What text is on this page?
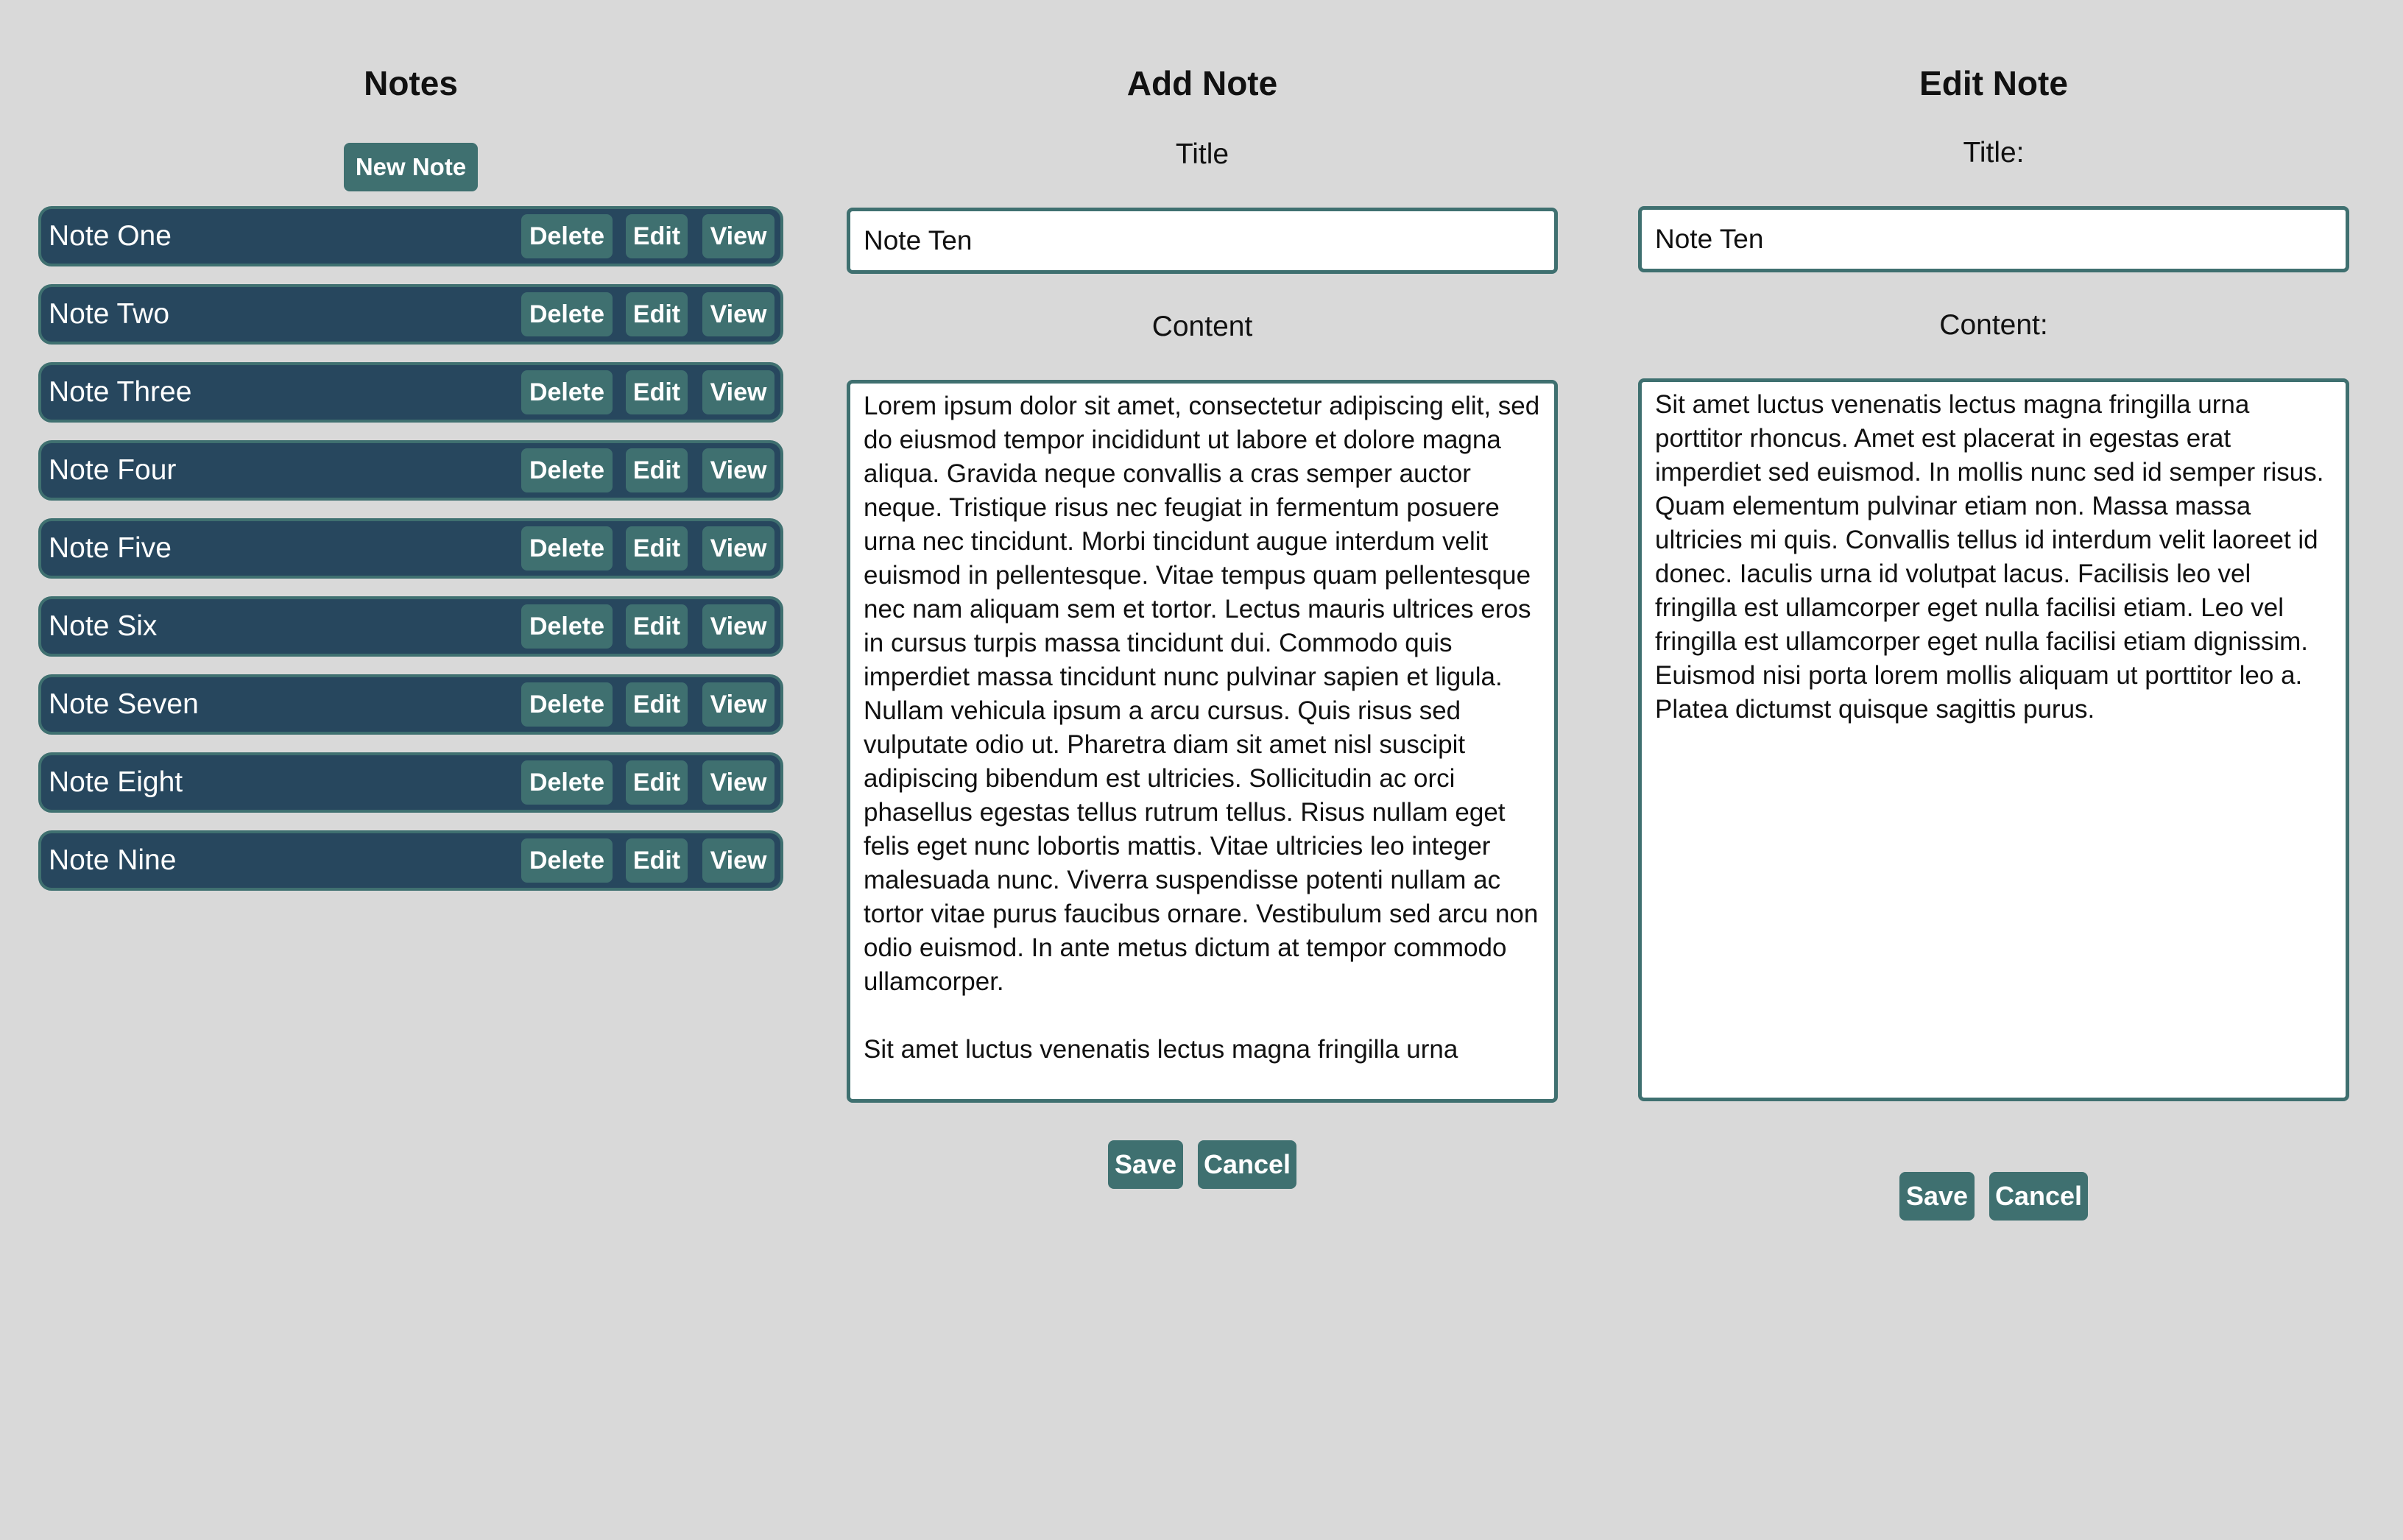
Notes
New Note
Note One	Delete	Edit	View
Note Two	Delete	Edit	View
Note Three	Delete	Edit	View
Note Four	Delete	Edit	View
Note Five	Delete	Edit	View
Note Six	Delete	Edit	View
Note Seven	Delete	Edit	View
Note Eight	Delete	Edit	View
Note Nine	Delete	Edit	View
Add Note
Title
Note Ten
Content
Lorem ipsum dolor sit amet, consectetur adipiscing elit, sed do eiusmod tempor incididunt ut labore et dolore magna aliqua. Gravida neque convallis a cras semper auctor neque. Tristique risus nec feugiat in fermentum posuere urna nec tincidunt. Morbi tincidunt augue interdum velit euismod in pellentesque. Vitae tempus quam pellentesque nec nam aliquam sem et tortor. Lectus mauris ultrices eros in cursus turpis massa tincidunt dui. Commodo quis imperdiet massa tincidunt nunc pulvinar sapien et ligula. Nullam vehicula ipsum a arcu cursus. Quis risus sed vulputate odio ut. Pharetra diam sit amet nisl suscipit adipiscing bibendum est ultricies. Sollicitudin ac orci phasellus egestas tellus rutrum tellus. Risus nullam eget felis eget nunc lobortis mattis. Vitae ultricies leo integer malesuada nunc. Viverra suspendisse potenti nullam ac tortor vitae purus faucibus ornare. Vestibulum sed arcu non odio euismod. In ante metus dictum at tempor commodo ullamcorper. Sit amet luctus venenatis lectus magna fringilla urna
Save Cancel
Edit Note
Title:
Note Ten
Content:
Sit amet luctus venenatis lectus magna fringilla urna porttitor rhoncus. Amet est placerat in egestas erat imperdiet sed euismod. In mollis nunc sed id semper risus. Quam elementum pulvinar etiam non. Massa massa ultricies mi quis. Convallis tellus id interdum velit laoreet id donec. Iaculis urna id volutpat lacus. Facilisis leo vel fringilla est ullamcorper eget nulla facilisi etiam. Leo vel fringilla est ullamcorper eget nulla facilisi etiam dignissim. Euismod nisi porta lorem mollis aliquam ut porttitor leo a. Platea dictumst quisque sagittis purus.
Save Cancel
